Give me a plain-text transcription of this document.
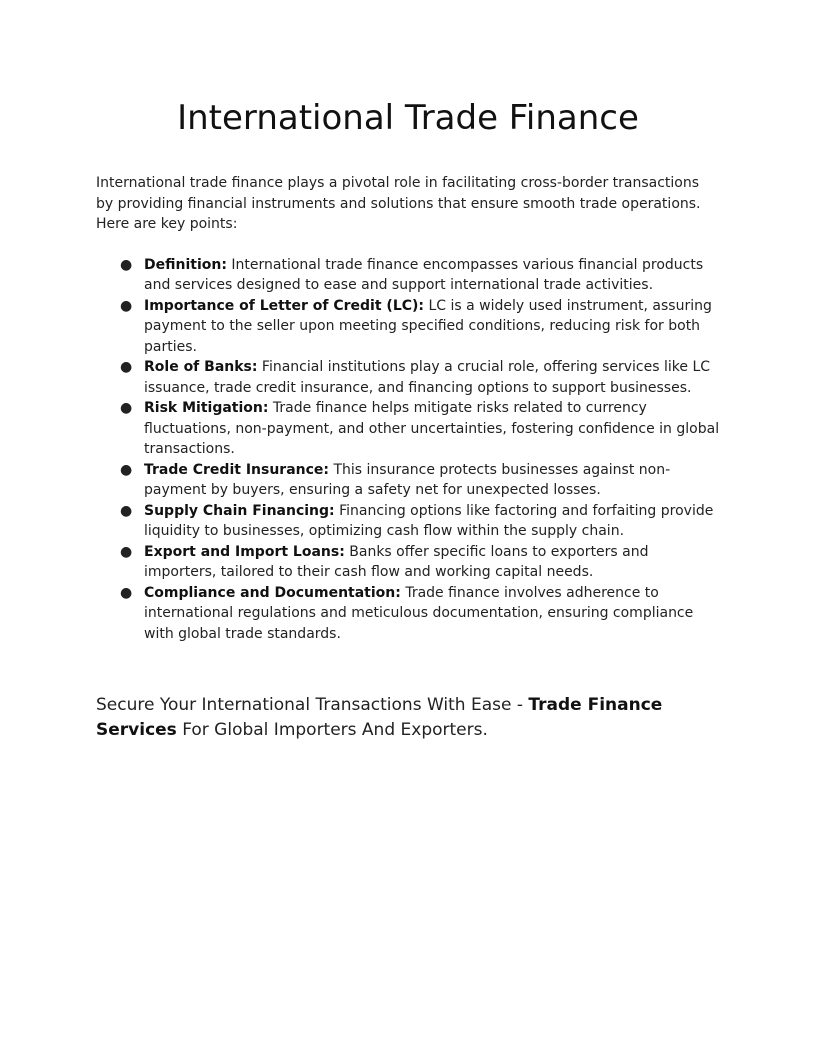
International Trade Finance

International trade finance plays a pivotal role in facilitating cross-border transactions by providing financial instruments and solutions that ensure smooth trade operations. Here are key points:

● Definition: International trade finance encompasses various financial products and services designed to ease and support international trade activities.
● Importance of Letter of Credit (LC): LC is a widely used instrument, assuring payment to the seller upon meeting specified conditions, reducing risk for both parties.
● Role of Banks: Financial institutions play a crucial role, offering services like LC issuance, trade credit insurance, and financing options to support businesses.
● Risk Mitigation: Trade finance helps mitigate risks related to currency fluctuations, non-payment, and other uncertainties, fostering confidence in global transactions.
● Trade Credit Insurance: This insurance protects businesses against non-payment by buyers, ensuring a safety net for unexpected losses.
● Supply Chain Financing: Financing options like factoring and forfaiting provide liquidity to businesses, optimizing cash flow within the supply chain.
● Export and Import Loans: Banks offer specific loans to exporters and importers, tailored to their cash flow and working capital needs.
● Compliance and Documentation: Trade finance involves adherence to international regulations and meticulous documentation, ensuring compliance with global trade standards.

Secure Your International Transactions With Ease - Trade Finance Services For Global Importers And Exporters.
